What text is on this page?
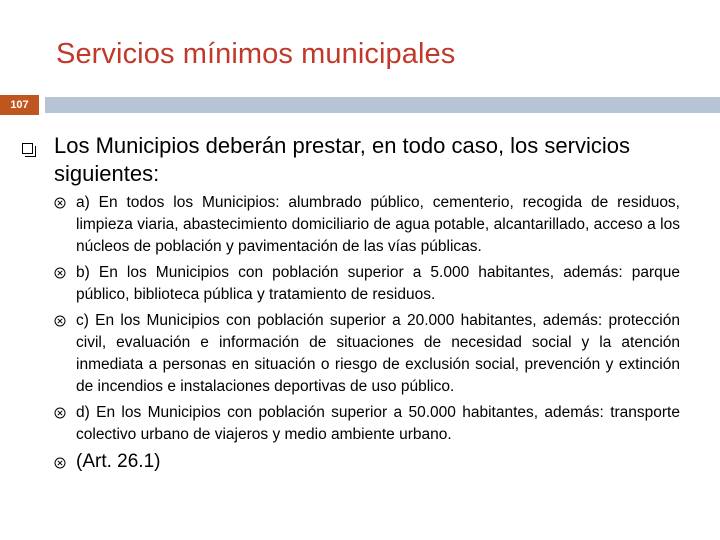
Servicios mínimos municipales
107
Los Municipios deberán prestar, en todo caso, los servicios siguientes:
a) En todos los Municipios: alumbrado público, cementerio, recogida de residuos, limpieza viaria, abastecimiento domiciliario de agua potable, alcantarillado, acceso a los núcleos de población y pavimentación de las vías públicas.
b) En los Municipios con población superior a 5.000 habitantes, además: parque público, biblioteca pública y tratamiento de residuos.
c) En los Municipios con población superior a 20.000 habitantes, además: protección civil, evaluación e información de situaciones de necesidad social y la atención inmediata a personas en situación o riesgo de exclusión social, prevención y extinción de incendios e instalaciones deportivas de uso público.
d) En los Municipios con población superior a 50.000 habitantes, además: transporte colectivo urbano de viajeros y medio ambiente urbano.
(Art. 26.1)
